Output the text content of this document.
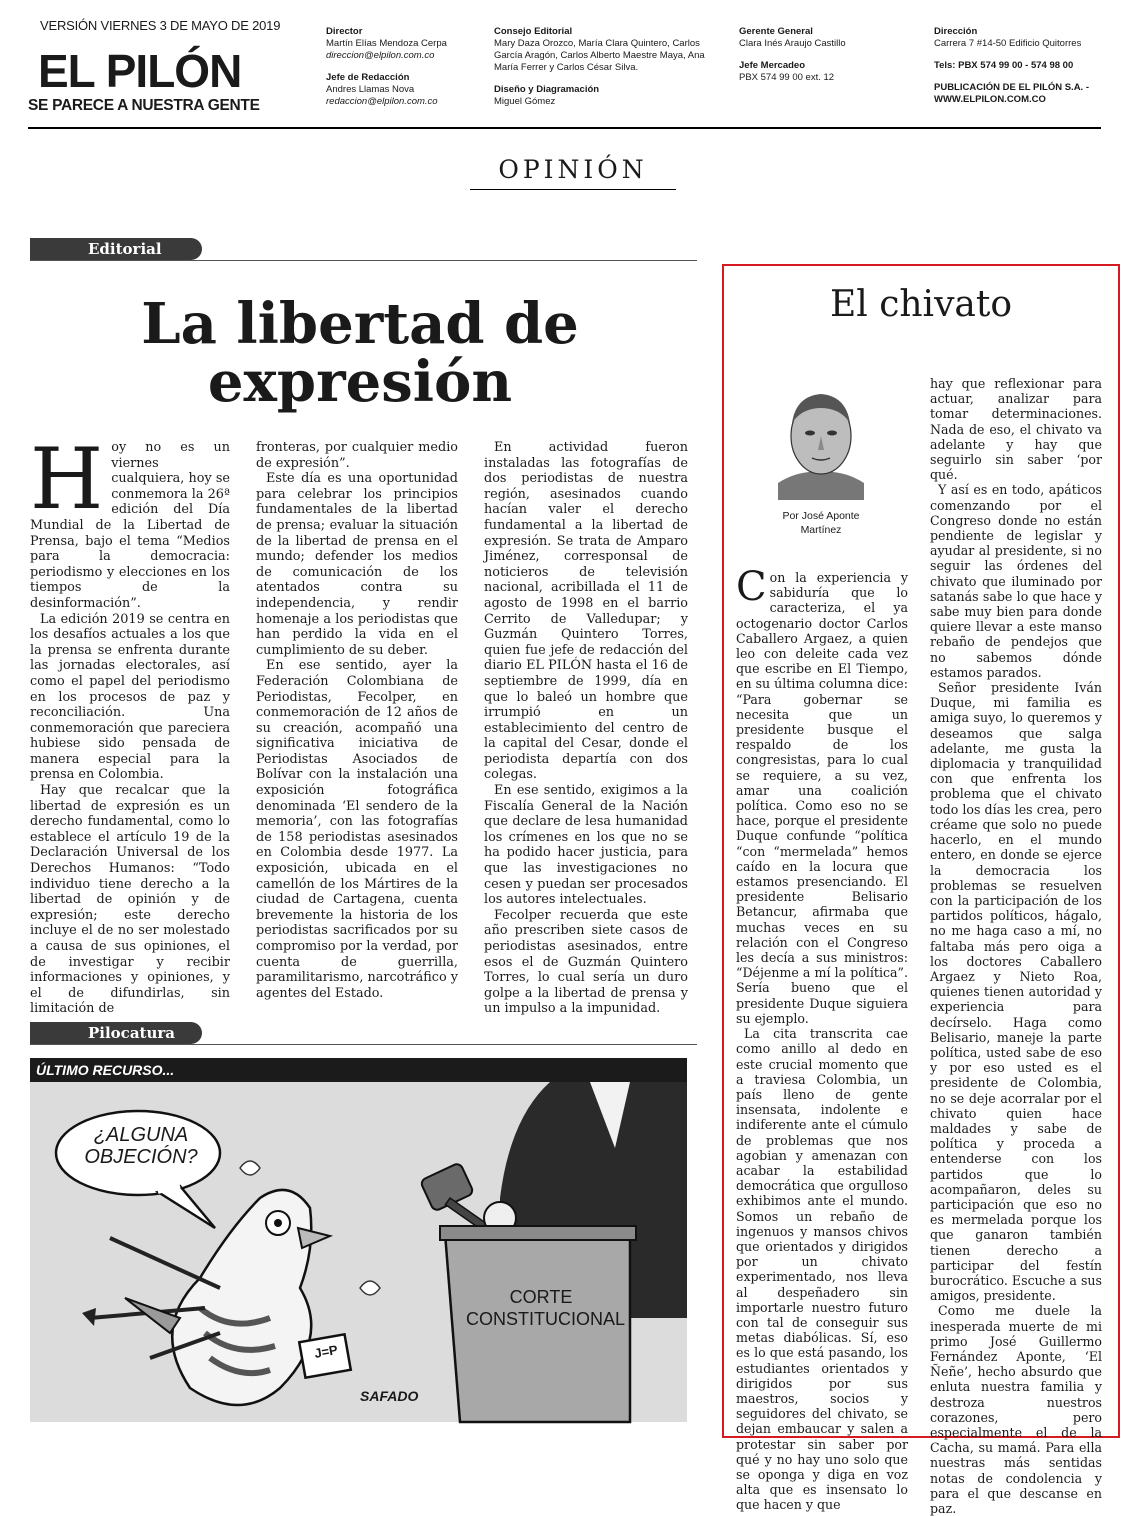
VERSIÓN VIERNES 3 DE MAYO DE 2019
EL PILÓN
SE PARECE A NUESTRA GENTE
Director
Martín Elías Mendoza Cerpa
direccion@elpilon.com.co
Jefe de Redacción
Andres Llamas Nova
redaccion@elpilon.com.co
Consejo Editorial
Mary Daza Orozco, María Clara Quintero, Carlos García Aragón, Carlos Alberto Maestre Maya, Ana María Ferrer y Carlos César Silva.
Diseño y Diagramación
Miguel Gómez
Gerente General
Clara Inés Araujo Castillo
Jefe Mercadeo
PBX 574 99 00 ext. 12
Dirección
Carrera 7 #14-50 Edificio Quitorres
Tels: PBX 574 99 00 - 574 98 00
PUBLICACIÓN DE EL PILÓN S.A. - WWW.ELPILON.COM.CO
OPINIÓN
Editorial
La libertad de expresión
H oy no es un viernes cualquiera, hoy se conmemora la 26ª edición del Día Mundial de la Libertad de Prensa, bajo el tema “Medios para la democracia: periodismo y elecciones en los tiempos de la desinformación”.

La edición 2019 se centra en los desafíos actuales a los que la prensa se enfrenta durante las jornadas electorales, así como el papel del periodismo en los procesos de paz y reconciliación. Una conmemoración que pareciera hubiese sido pensada de manera especial para la prensa en Colombia.

Hay que recalcar que la libertad de expresión es un derecho fundamental, como lo establece el artículo 19 de la Declaración Universal de los Derechos Humanos: “Todo individuo tiene derecho a la libertad de opinión y de expresión; este derecho incluye el de no ser molestado a causa de sus opiniones, el de investigar y recibir informaciones y opiniones, y el de difundirlas, sin limitación de

fronteras, por cualquier medio de expresión”.

Este día es una oportunidad para celebrar los principios fundamentales de la libertad de prensa; evaluar la situación de la libertad de prensa en el mundo; defender los medios de comunicación de los atentados contra su independencia, y rendir homenaje a los periodistas que han perdido la vida en el cumplimiento de su deber.

En ese sentido, ayer la Federación Colombiana de Periodistas, Fecolper, en conmemoración de 12 años de su creación, acompañó una significativa iniciativa de Periodistas Asociados de Bolívar con la instalación una exposición fotográfica denominada ‘El sendero de la memoria’, con las fotografías de 158 periodistas asesinados en Colombia desde 1977. La exposición, ubicada en el camellón de los Mártires de la ciudad de Cartagena, cuenta brevemente la historia de los periodistas sacrificados por su compromiso por la verdad, por cuenta de guerrilla, paramilitarismo, narcotráfico y agentes del Estado.

En actividad fueron instaladas las fotografías de dos periodistas de nuestra región, asesinados cuando hacían valer el derecho fundamental a la libertad de expresión. Se trata de Amparo Jiménez, corresponsal de noticieros de televisión nacional, acribillada el 11 de agosto de 1998 en el barrio Cerrito de Valledupar; y Guzmán Quintero Torres, quien fue jefe de redacción del diario EL PILÓN hasta el 16 de septiembre de 1999, día en que lo baleó un hombre que irrumpió en un establecimiento del centro de la capital del Cesar, donde el periodista departía con dos colegas.

En ese sentido, exigimos a la Fiscalía General de la Nación que declare de lesa humanidad los crímenes en los que no se ha podido hacer justicia, para que las investigaciones no cesen y puedan ser procesados los autores intelectuales.

Fecolper recuerda que este año prescriben siete casos de periodistas asesinados, entre esos el de Guzmán Quintero Torres, lo cual sería un duro golpe a la libertad de prensa y un impulso a la impunidad.

Pilocatura
ÚLTIMO RECURSO...
¿ALGUNA OBJECIÓN?
CORTE CONSTITUCIONAL
J=P
SAFADO
El chivato
Por José Aponte Martínez
C on la experiencia y sabiduría que lo caracteriza, el ya octogenario doctor Carlos Caballero Argaez, a quien leo con deleite cada vez que escribe en El Tiempo, en su última columna dice: “Para gobernar se necesita que un presidente busque el respaldo de los congresistas, para lo cual se requiere, a su vez, amar una coalición política. Como eso no se hace, porque el presidente Duque confunde “política “con “mermelada” hemos caído en la locura que estamos presenciando. El presidente Belisario Betancur, afirmaba que muchas veces en su relación con el Congreso les decía a sus ministros: “Déjenme a mí la política”. Sería bueno que el presidente Duque siguiera su ejemplo.

La cita transcrita cae como anillo al dedo en este crucial momento que a traviesa Colombia, un país lleno de gente insensata, indolente e indiferente ante el cúmulo de problemas que nos agobian y amenazan con acabar la estabilidad democrática que orgulloso exhibimos ante el mundo. Somos un rebaño de ingenuos y mansos chivos que orientados y dirigidos por un chivato experimentado, nos lleva al despeñadero sin importarle nuestro futuro con tal de conseguir sus metas diabólicas. Sí, eso es lo que está pasando, los estudiantes orientados y dirigidos por sus maestros, socios y seguidores del chivato, se dejan embaucar y salen a protestar sin saber por qué y no hay uno solo que se oponga y diga en voz alta que es insensato lo que hacen y que

hay que reflexionar para actuar, analizar para tomar determinaciones. Nada de eso, el chivato va adelante y hay que seguirlo sin saber ‘por qué.

Y así es en todo, apáticos comenzando por el Congreso donde no están pendiente de legislar y ayudar al presidente, si no seguir las órdenes del chivato que iluminado por satanás sabe lo que hace y sabe muy bien para donde quiere llevar a este manso rebaño de pendejos que no sabemos dónde estamos parados.

Señor presidente Iván Duque, mi familia es amiga suyo, lo queremos y deseamos que salga adelante, me gusta la diplomacia y tranquilidad con que enfrenta los problema que el chivato todo los días les crea, pero créame que solo no puede hacerlo, en el mundo entero, en donde se ejerce la democracia los problemas se resuelven con la participación de los partidos políticos, hágalo, no me haga caso a mí, no faltaba más pero oiga a los doctores Caballero Argaez y Nieto Roa, quienes tienen autoridad y experiencia para decírselo. Haga como Belisario, maneje la parte política, usted sabe de eso y por eso usted es el presidente de Colombia, no se deje acorralar por el chivato quien hace maldades y sabe de política y proceda a entenderse con los partidos que lo acompañaron, deles su participación que eso no es mermelada porque los que ganaron también tienen derecho a participar del festín burocrático. Escuche a sus amigos, presidente.

Como me duele la inesperada muerte de mi primo José Guillermo Fernández Aponte, ‘El Ñeñe’, hecho absurdo que enluta nuestra familia y destroza nuestros corazones, pero especialmente el de la Cacha, su mamá. Para ella nuestras más sentidas notas de condolencia y para el que descanse en paz.
